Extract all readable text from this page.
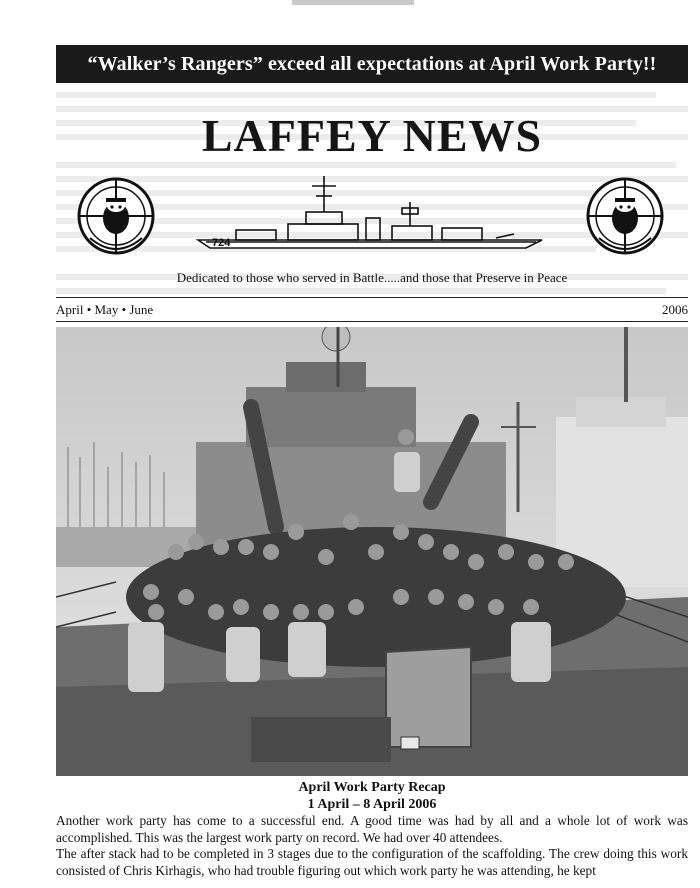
“Walker’s Rangers” exceed all expectations at April Work Party!!
LAFFEY NEWS
724
Dedicated to those who served in Battle.....and those that Preserve in Peace
April • May • June	2006
April Work Party Recap
1 April – 8 April 2006

Another work party has come to a successful end. A good time was had by all and a whole lot of work was accomplished. This was the largest work party on record. We had over 40 attendees.

The after stack had to be completed in 3 stages due to the configuration of the scaffolding. The crew doing this work consisted of Chris Kirhagis, who had trouble figuring out which work party he was attending, he kept
